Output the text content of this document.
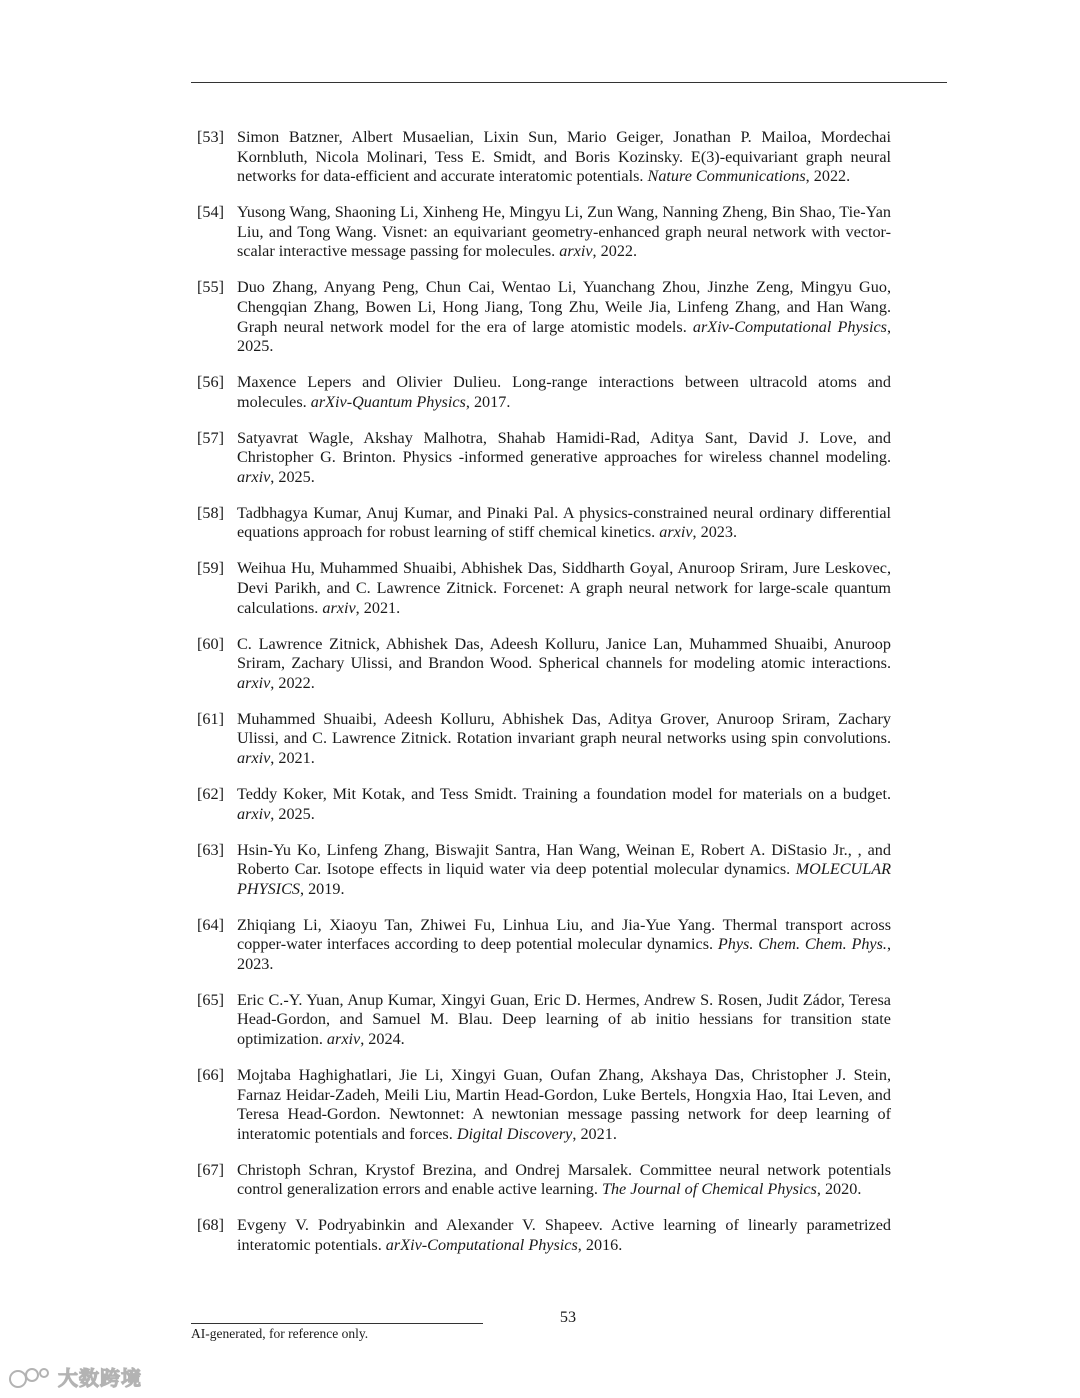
[53] Simon Batzner, Albert Musaelian, Lixin Sun, Mario Geiger, Jonathan P. Mailoa, Mordechai Kornbluth, Nicola Molinari, Tess E. Smidt, and Boris Kozinsky. E(3)-equivariant graph neural networks for data-efficient and accurate interatomic potentials. Nature Communications, 2022.
[54] Yusong Wang, Shaoning Li, Xinheng He, Mingyu Li, Zun Wang, Nanning Zheng, Bin Shao, Tie-Yan Liu, and Tong Wang. Visnet: an equivariant geometry-enhanced graph neural network with vector-scalar interactive message passing for molecules. arxiv, 2022.
[55] Duo Zhang, Anyang Peng, Chun Cai, Wentao Li, Yuanchang Zhou, Jinzhe Zeng, Mingyu Guo, Chengqian Zhang, Bowen Li, Hong Jiang, Tong Zhu, Weile Jia, Linfeng Zhang, and Han Wang. Graph neural network model for the era of large atomistic models. arXiv-Computational Physics, 2025.
[56] Maxence Lepers and Olivier Dulieu. Long-range interactions between ultracold atoms and molecules. arXiv-Quantum Physics, 2017.
[57] Satyavrat Wagle, Akshay Malhotra, Shahab Hamidi-Rad, Aditya Sant, David J. Love, and Christopher G. Brinton. Physics -informed generative approaches for wireless channel modeling. arxiv, 2025.
[58] Tadbhagya Kumar, Anuj Kumar, and Pinaki Pal. A physics-constrained neural ordinary differential equations approach for robust learning of stiff chemical kinetics. arxiv, 2023.
[59] Weihua Hu, Muhammed Shuaibi, Abhishek Das, Siddharth Goyal, Anuroop Sriram, Jure Leskovec, Devi Parikh, and C. Lawrence Zitnick. Forcenet: A graph neural network for large-scale quantum calculations. arxiv, 2021.
[60] C. Lawrence Zitnick, Abhishek Das, Adeesh Kolluru, Janice Lan, Muhammed Shuaibi, Anuroop Sriram, Zachary Ulissi, and Brandon Wood. Spherical channels for modeling atomic interactions. arxiv, 2022.
[61] Muhammed Shuaibi, Adeesh Kolluru, Abhishek Das, Aditya Grover, Anuroop Sriram, Zachary Ulissi, and C. Lawrence Zitnick. Rotation invariant graph neural networks using spin convolutions. arxiv, 2021.
[62] Teddy Koker, Mit Kotak, and Tess Smidt. Training a foundation model for materials on a budget. arxiv, 2025.
[63] Hsin-Yu Ko, Linfeng Zhang, Biswajit Santra, Han Wang, Weinan E, Robert A. DiStasio Jr., , and Roberto Car. Isotope effects in liquid water via deep potential molecular dynamics. MOLECULAR PHYSICS, 2019.
[64] Zhiqiang Li, Xiaoyu Tan, Zhiwei Fu, Linhua Liu, and Jia-Yue Yang. Thermal transport across copper-water interfaces according to deep potential molecular dynamics. Phys. Chem. Chem. Phys., 2023.
[65] Eric C.-Y. Yuan, Anup Kumar, Xingyi Guan, Eric D. Hermes, Andrew S. Rosen, Judit Zádor, Teresa Head-Gordon, and Samuel M. Blau. Deep learning of ab initio hessians for transition state optimization. arxiv, 2024.
[66] Mojtaba Haghighatlari, Jie Li, Xingyi Guan, Oufan Zhang, Akshaya Das, Christopher J. Stein, Farnaz Heidar-Zadeh, Meili Liu, Martin Head-Gordon, Luke Bertels, Hongxia Hao, Itai Leven, and Teresa Head-Gordon. Newtonnet: A newtonian message passing network for deep learning of interatomic potentials and forces. Digital Discovery, 2021.
[67] Christoph Schran, Krystof Brezina, and Ondrej Marsalek. Committee neural network potentials control generalization errors and enable active learning. The Journal of Chemical Physics, 2020.
[68] Evgeny V. Podryabinkin and Alexander V. Shapeev. Active learning of linearly parametrized interatomic potentials. arXiv-Computational Physics, 2016.
53
AI-generated, for reference only.
大数跨境
